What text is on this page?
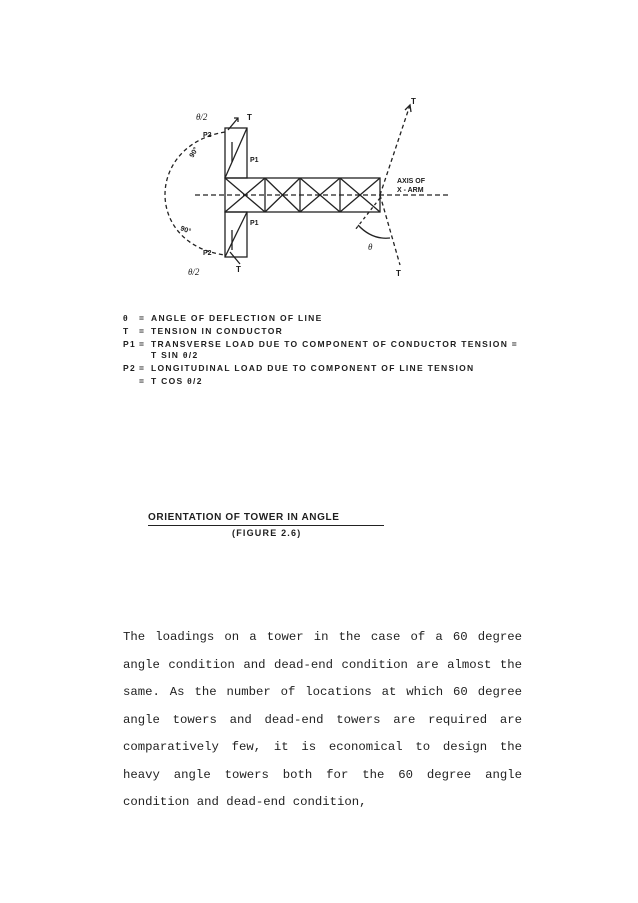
θ/2	T
P2
90°
P1
P1
90°
P2
θ/2	T
T
T
θ
AXIS OF
X - ARM
θ	= ANGLE OF DEFLECTION OF LINE
T	= TENSION IN CONDUCTOR
P1 = TRANSVERSE LOAD DUE TO COMPONENT OF CONDUCTOR TENSION = T SIN θ/2
P2 = LONGITUDINAL LOAD DUE TO COMPONENT OF LINE TENSION
= T COS θ/2
ORIENTATION OF TOWER IN ANGLE
(FIGURE 2.6)

The loadings on a tower in the case of a 60 degree angle condition and dead-end condition are almost the same. As the number of locations at which 60 degree angle towers and dead-end towers are required are comparatively few, it is economical to design the heavy angle towers both for the 60 degree angle condition and dead-end condition,
